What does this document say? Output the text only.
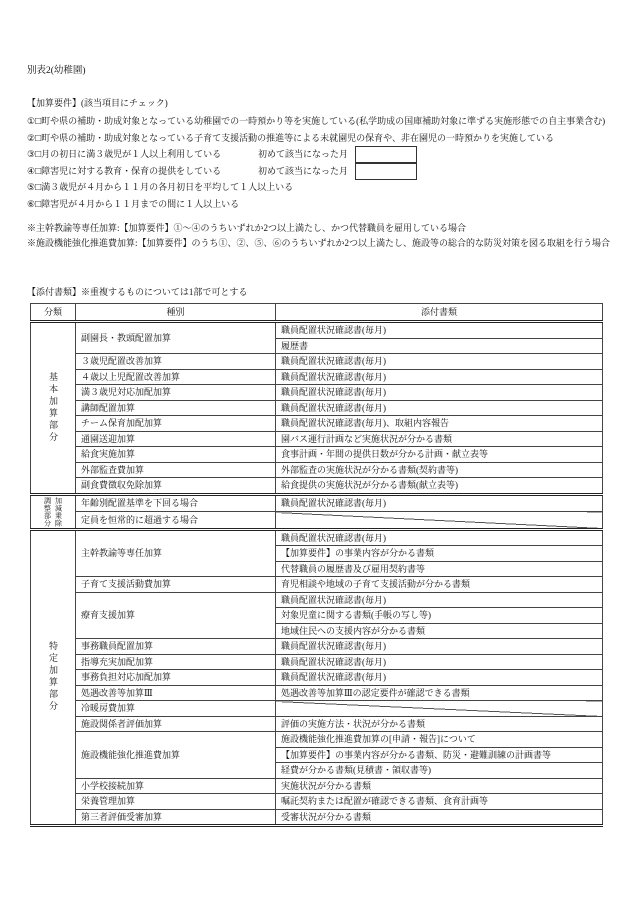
別表2(幼稚園)
【加算要件】(該当項目にチェック)
①□町や県の補助・助成対象となっている幼稚園での一時預かり等を実施している(私学助成の国庫補助対象に準ずる実施形態での自主事業含む)
②□町や県の補助・助成対象となっている子育て支援活動の推進等による未就園児の保育や、非在園児の一時預かりを実施している
③□月の初日に満３歳児が１人以上利用している	初めて該当になった月
④□障害児に対する教育・保育の提供をしている	初めて該当になった月
⑤□満３歳児が４月から１１月の各月初日を平均して１人以上いる
⑥□障害児が４月から１１月までの間に１人以上いる
※主幹教諭等専任加算:【加算要件】①〜④のうちいずれか2つ以上満たし、かつ代替職員を雇用している場合
※施設機能強化推進費加算:【加算要件】のうち①、②、⑤、⑥のうちいずれか2つ以上満たし、施設等の総合的な防災対策を図る取組を行う場合
【添付書類】※重複するものについては1部で可とする
分類	種別	添付書類

基本加算部分	副園長・教頭配置加算	職員配置状況確認書(毎月)
		履歴書
	３歳児配置改善加算	職員配置状況確認書(毎月)
	４歳以上児配置改善加算	職員配置状況確認書(毎月)
	満３歳児対応加配加算	職員配置状況確認書(毎月)
	講師配置加算	職員配置状況確認書(毎月)
	チーム保育加配加算	職員配置状況確認書(毎月)、取組内容報告
	通園送迎加算	園バス運行計画など実施状況が分かる書類
	給食実施加算	食事計画・年間の提供日数が分かる計画・献立表等
	外部監査費加算	外部監査の実施状況が分かる書類(契約書等)
	副食費徴収免除加算	給食提供の実施状況が分かる書類(献立表等)

加減乗除
調整部分	年齢別配置基準を下回る場合	職員配置状況確認書(毎月)
	定員を恒常的に超過する場合	

特定加算部分	主幹教諭等専任加算	職員配置状況確認書(毎月)
		【加算要件】の事業内容が分かる書類
		代替職員の履歴書及び雇用契約書等
	子育て支援活動費加算	育児相談や地域の子育て支援活動が分かる書類
	療育支援加算	職員配置状況確認書(毎月)
		対象児童に関する書類(手帳の写し等)
		地域住民への支援内容が分かる書類
	事務職員配置加算	職員配置状況確認書(毎月)
	指導充実加配加算	職員配置状況確認書(毎月)
	事務負担対応加配加算	職員配置状況確認書(毎月)
	処遇改善等加算Ⅲ	処遇改善等加算Ⅲの認定要件が確認できる書類
	冷暖房費加算	
	施設関係者評価加算	評価の実施方法・状況が分かる書類
	施設機能強化推進費加算	施設機能強化推進費加算の[申請・報告]について
		【加算要件】の事業内容が分かる書類、防災・避難訓練の計画書等
		経費が分かる書類(見積書・領収書等)
	小学校接続加算	実施状況が分かる書類
	栄養管理加算	嘱託契約または配置が確認できる書類、食育計画等
	第三者評価受審加算	受審状況が分かる書類
